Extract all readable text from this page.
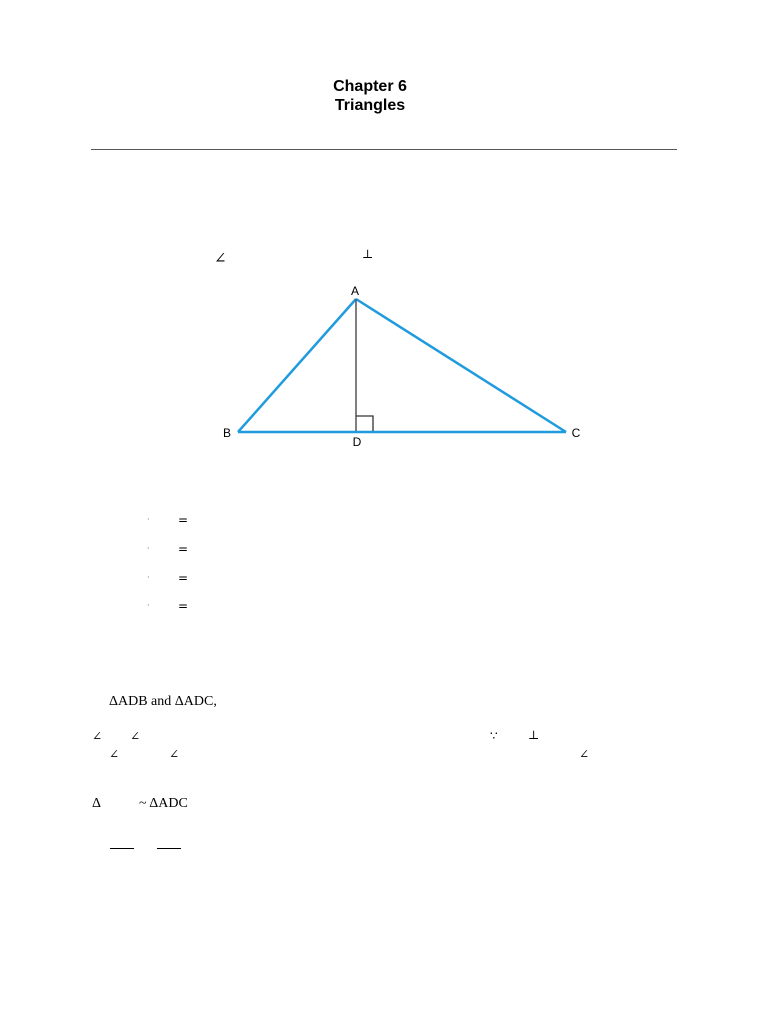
Chapter 6
Triangles
∠	⊥
A
B	C
D
· =
· =
· =
· =
ΔADB and ΔADC,
∠ ∠	∵	⊥
∠	∠	∠
Δ	~ ΔADC
